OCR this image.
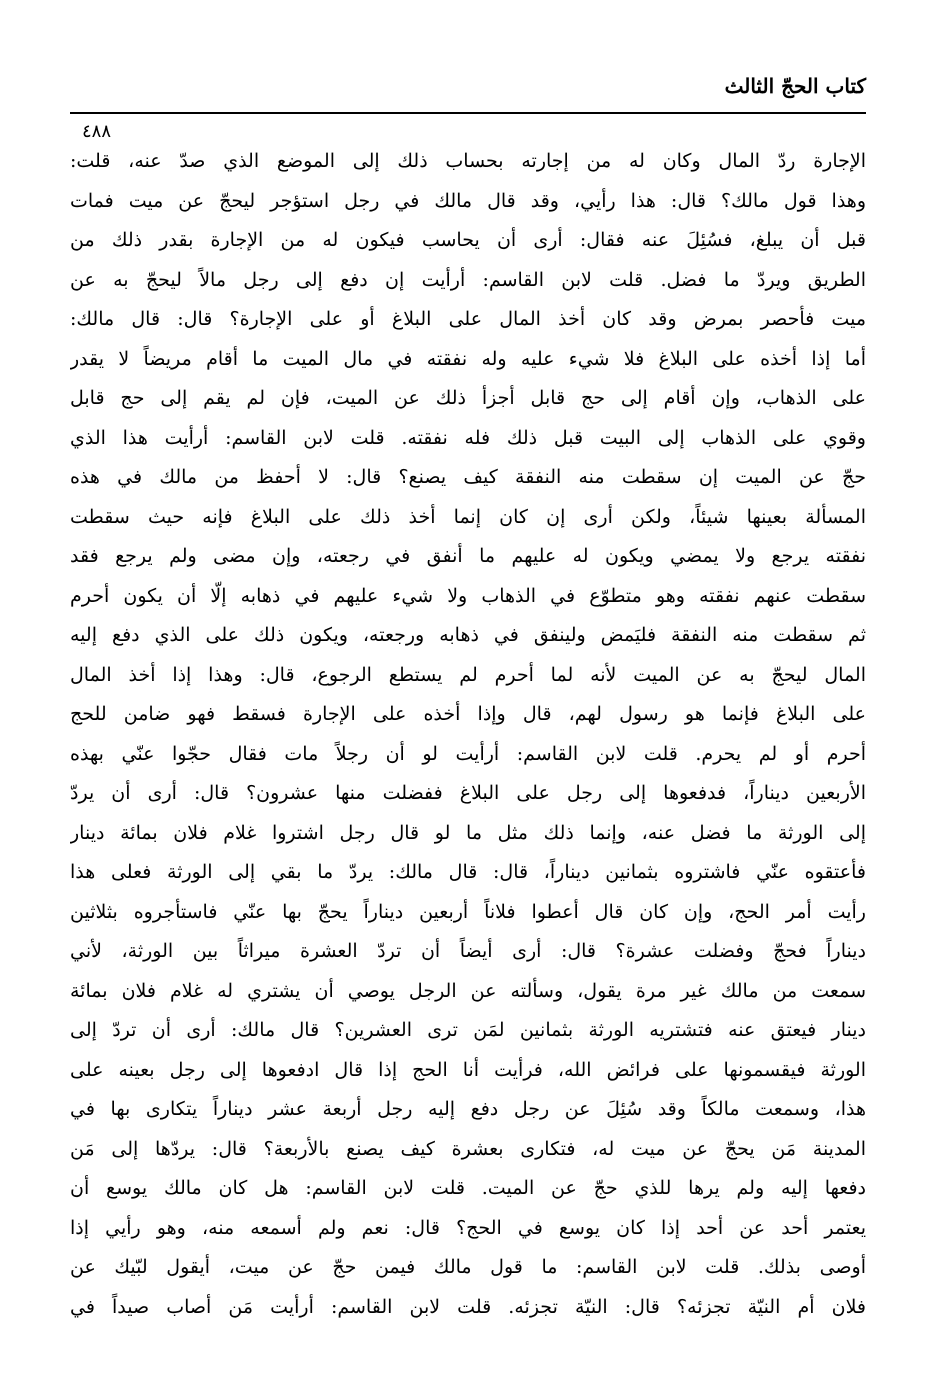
كتاب الحجّ الثالث
٤٨٨
الإجارة ردّ المال وكان له من إجارته بحساب ذلك إلى الموضع الذي صدّ عنه، قلت:
وهذا قول مالك؟ قال: هذا رأيي، وقد قال مالك في رجل استؤجر ليحجّ عن ميت فمات
قبل أن يبلغ، فسُئِلَ عنه فقال: أرى أن يحاسب فيكون له من الإجارة بقدر ذلك من
الطريق ويردّ ما فضل. قلت لابن القاسم: أرأيت إن دفع إلى رجل مالاً ليحجّ به عن
ميت فأحصر بمرض وقد كان أخذ المال على البلاغ أو على الإجارة؟ قال: قال مالك:
أما إذا أخذه على البلاغ فلا شيء عليه وله نفقته في مال الميت ما أقام مريضاً لا يقدر
على الذهاب، وإن أقام إلى حج قابل أجزأ ذلك عن الميت، فإن لم يقم إلى حج قابل
وقوي على الذهاب إلى البيت قبل ذلك فله نفقته. قلت لابن القاسم: أرأيت هذا الذي
حجّ عن الميت إن سقطت منه النفقة كيف يصنع؟ قال: لا أحفظ من مالك في هذه
المسألة بعينها شيئاً، ولكن أرى إن كان إنما أخذ ذلك على البلاغ فإنه حيث سقطت
نفقته يرجع ولا يمضي ويكون له عليهم ما أنفق في رجعته، وإن مضى ولم يرجع فقد
سقطت عنهم نفقته وهو متطوّع في الذهاب ولا شيء عليهم في ذهابه إلّا أن يكون أحرم
ثم سقطت منه النفقة فليَمض ولينفق في ذهابه ورجعته، ويكون ذلك على الذي دفع إليه
المال ليحجّ به عن الميت لأنه لما أحرم لم يستطع الرجوع، قال: وهذا إذا أخذ المال
على البلاغ فإنما هو رسول لهم، قال وإذا أخذه على الإجارة فسقط فهو ضامن للحج
أحرم أو لم يحرم. قلت لابن القاسم: أرأيت لو أن رجلاً مات فقال حجّوا عنّي بهذه
الأربعين ديناراً، فدفعوها إلى رجل على البلاغ ففضلت منها عشرون؟ قال: أرى أن يردّ
إلى الورثة ما فضل عنه، وإنما ذلك مثل ما لو قال رجل اشتروا غلام فلان بمائة دينار
فأعتقوه عنّي فاشتروه بثمانين ديناراً، قال: قال مالك: يردّ ما بقي إلى الورثة فعلى هذا
رأيت أمر الحج، وإن كان قال أعطوا فلاناً أربعين ديناراً يحجّ بها عنّي فاستأجروه بثلاثين
ديناراً فحجّ وفضلت عشرة؟ قال: أرى أيضاً أن تردّ العشرة ميراثاً بين الورثة، لأني
سمعت من مالك غير مرة يقول، وسألته عن الرجل يوصي أن يشتري له غلام فلان بمائة
دينار فيعتق عنه فتشتريه الورثة بثمانين لمَن ترى العشرين؟ قال مالك: أرى أن تردّ إلى
الورثة فيقسمونها على فرائض الله، فرأيت أنا الحج إذا قال ادفعوها إلى رجل بعينه على
هذا، وسمعت مالكاً وقد سُئِلَ عن رجل دفع إليه رجل أربعة عشر ديناراً يتكارى بها في
المدينة مَن يحجّ عن ميت له، فتكارى بعشرة كيف يصنع بالأربعة؟ قال: يردّها إلى مَن
دفعها إليه ولم يرها للذي حجّ عن الميت. قلت لابن القاسم: هل كان مالك يوسع أن
يعتمر أحد عن أحد إذا كان يوسع في الحج؟ قال: نعم ولم أسمعه منه، وهو رأيي إذا
أوصى بذلك. قلت لابن القاسم: ما قول مالك فيمن حجّ عن ميت، أيقول لبّيك عن
فلان أم النيّة تجزئه؟ قال: النيّة تجزئه. قلت لابن القاسم: أرأيت مَن أصاب صيداً في
